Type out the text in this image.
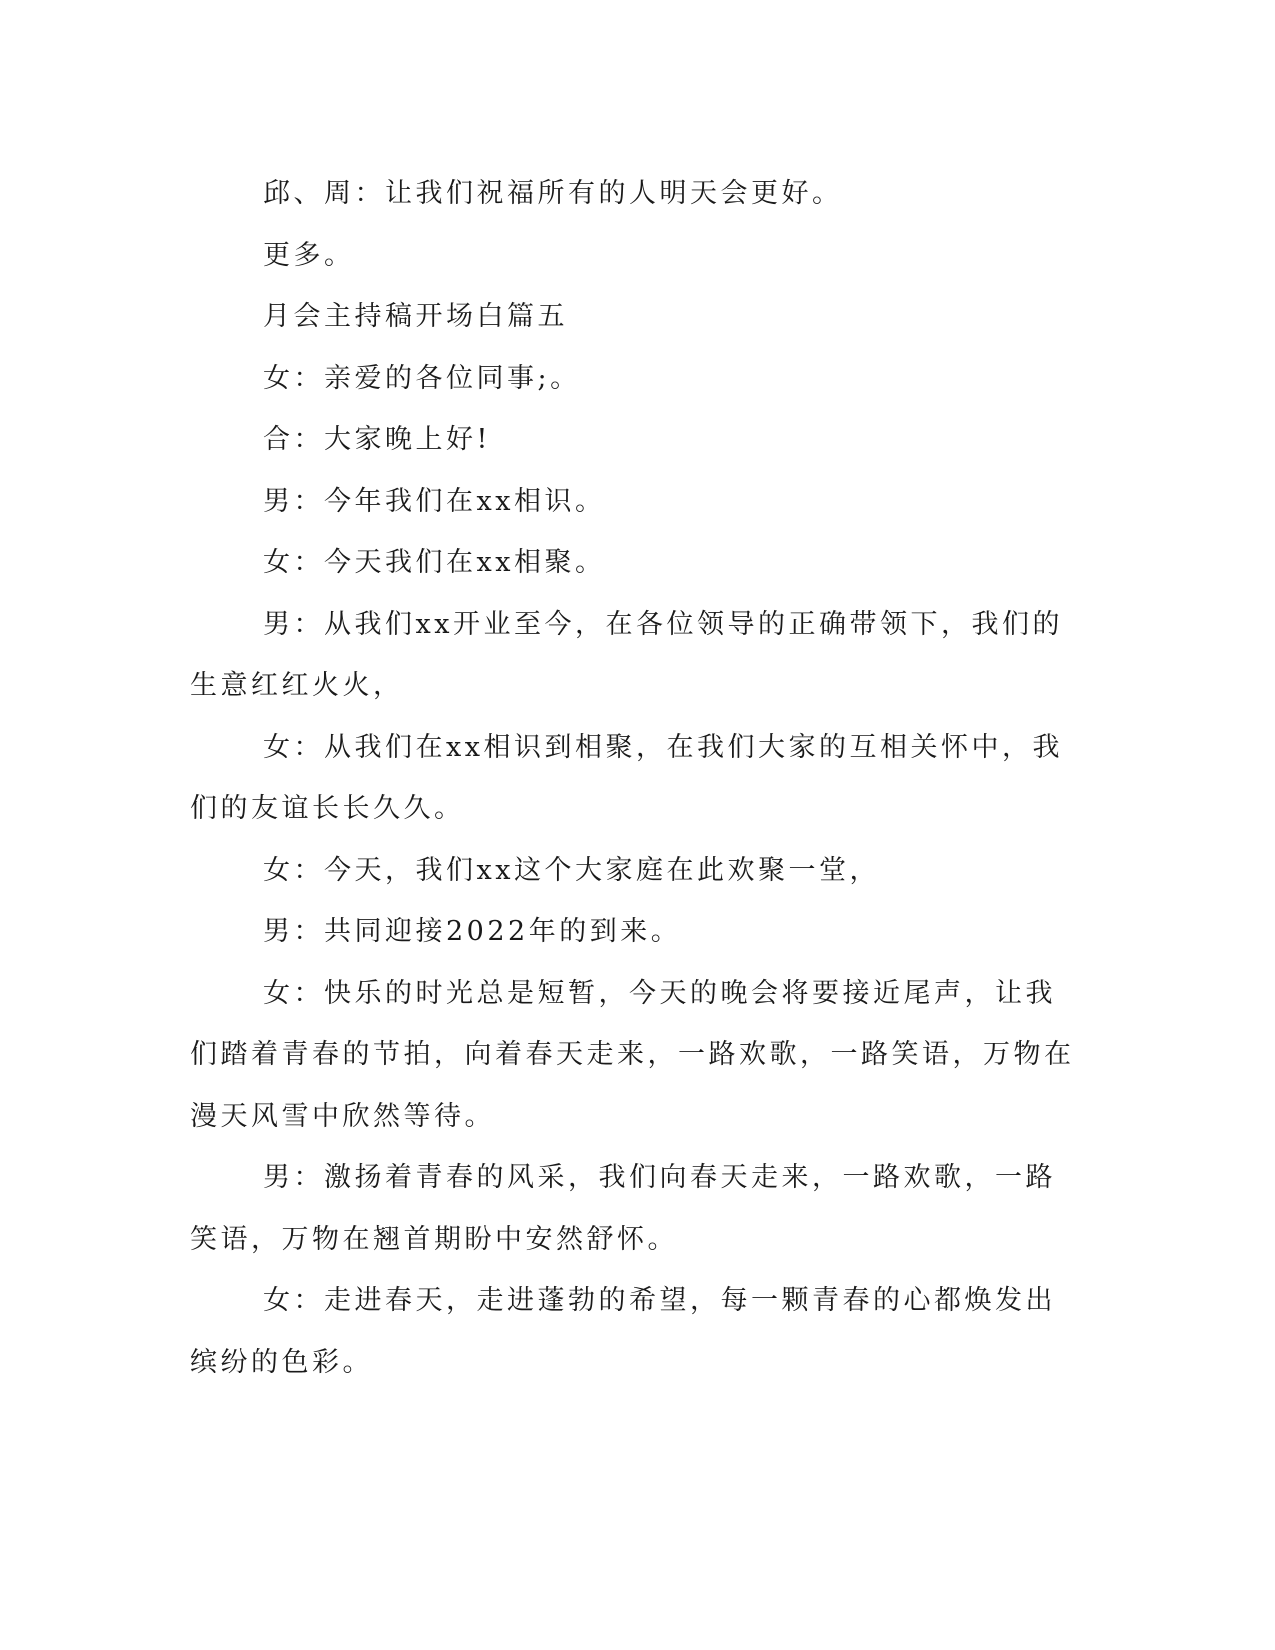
邱、周：让我们祝福所有的人明天会更好。

更多。

月会主持稿开场白篇五

女：亲爱的各位同事;。

合：大家晚上好!

男：今年我们在xx相识。

女：今天我们在xx相聚。

男：从我们xx开业至今，在各位领导的正确带领下，我们的生意红红火火，

女：从我们在xx相识到相聚，在我们大家的互相关怀中，我们的友谊长长久久。

女：今天，我们xx这个大家庭在此欢聚一堂，

男：共同迎接2022年的到来。

女：快乐的时光总是短暂，今天的晚会将要接近尾声，让我们踏着青春的节拍，向着春天走来，一路欢歌，一路笑语，万物在漫天风雪中欣然等待。

男：激扬着青春的风采，我们向春天走来，一路欢歌，一路笑语，万物在翘首期盼中安然舒怀。

女：走进春天，走进蓬勃的希望，每一颗青春的心都焕发出缤纷的色彩。
